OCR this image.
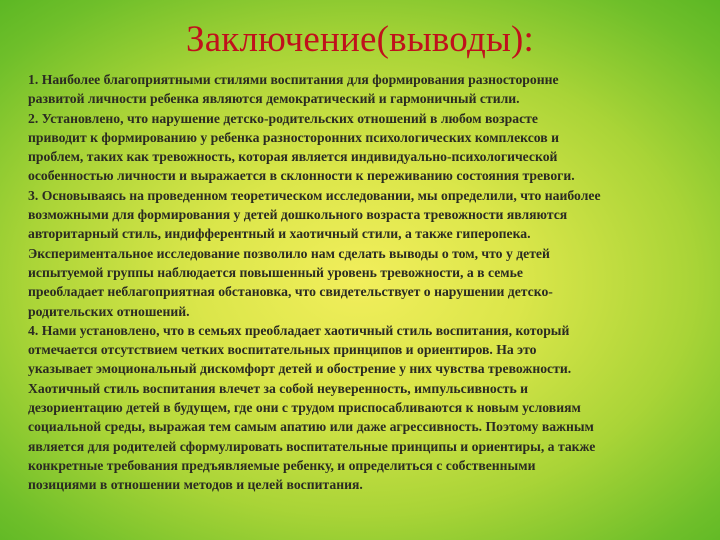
Заключение(выводы):

1. Наиболее благоприятными стилями воспитания для формирования разносторонне
развитой личности ребенка являются демократический и гармоничный стили.

2. Установлено, что нарушение детско-родительских отношений в любом возрасте
приводит к формированию у ребенка разносторонних психологических комплексов и
проблем, таких как тревожность, которая является индивидуально-психологической
особенностью личности и выражается в склонности к переживанию состояния тревоги.

3. Основываясь на проведенном теоретическом исследовании, мы определили, что наиболее
возможными для формирования у детей дошкольного возраста тревожности являются
авторитарный стиль, индифферентный и хаотичный стили, а также гиперопека.
Экспериментальное исследование позволило нам сделать выводы о том, что у детей
испытуемой группы наблюдается повышенный уровень тревожности, а в семье
преобладает неблагоприятная обстановка, что свидетельствует о нарушении детско-
родительских отношений.

4. Нами установлено, что в семьях преобладает хаотичный стиль воспитания, который
отмечается отсутствием четких воспитательных принципов и ориентиров. На это
указывает эмоциональный дискомфорт детей и обострение у них чувства тревожности.
Хаотичный стиль воспитания влечет за собой неуверенность, импульсивность и
дезориентацию детей в будущем, где они с трудом приспосабливаются к новым условиям
социальной среды, выражая тем самым апатию или даже агрессивность. Поэтому важным
является для родителей сформулировать воспитательные принципы и ориентиры, а также
конкретные требования предъявляемые ребенку, и определиться с собственными
позициями в отношении методов и целей воспитания.
